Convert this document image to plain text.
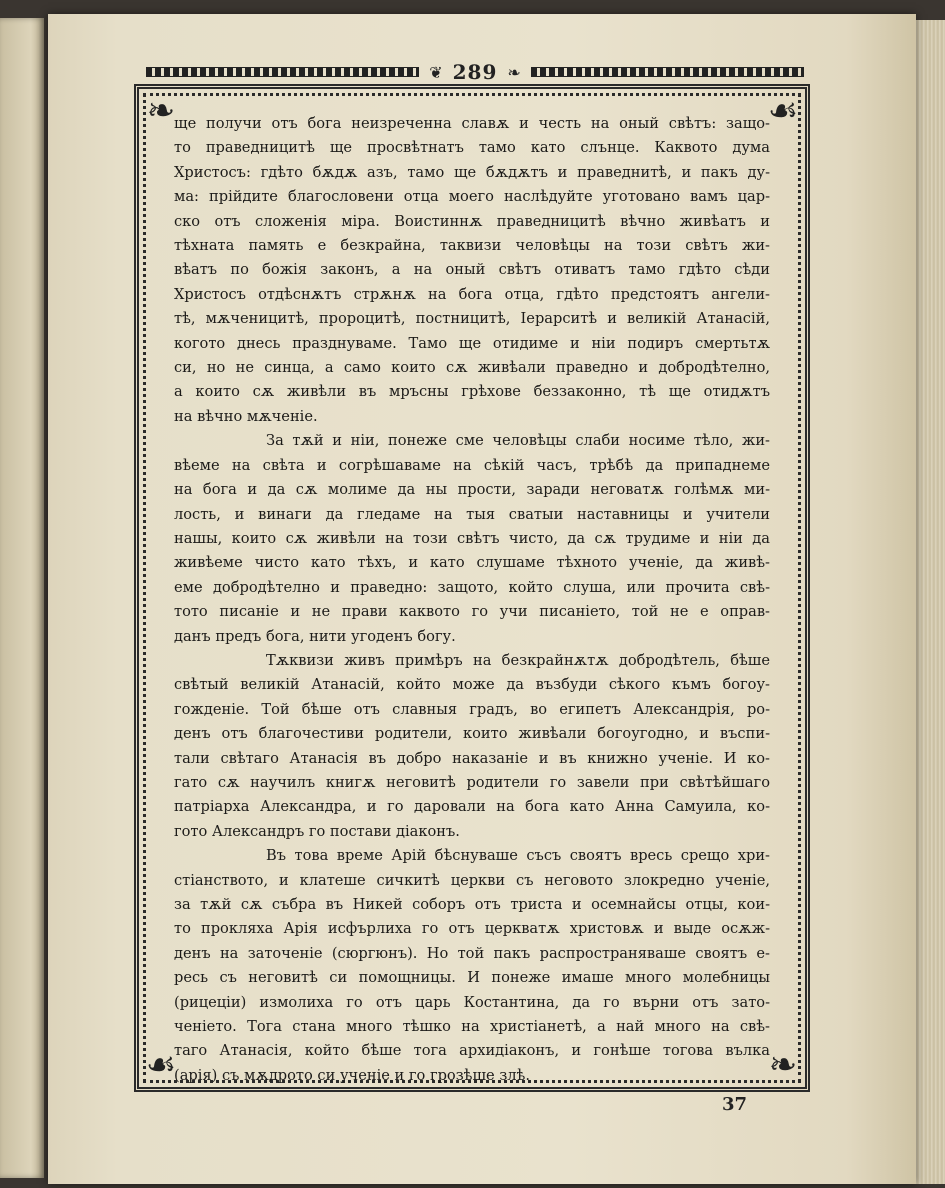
❦ 289 ❧
❧	☙
☙	❧
ще получи отъ бога неизреченна славѫ и честь на оный свѣтъ: защо-
то праведницитѣ ще просвѣтнатъ тамо като слънце. Каквото дума
Христосъ: гдѣто бѫдѫ азъ, тамо ще бѫдѫтъ и праведнитѣ, и пакъ ду-
ма: прійдите благословени отца моего наслѣдуйте уготовано вамъ цар-
ско отъ сложенія міра. Воистиннѫ праведницитѣ вѣчно живѣатъ и
тѣхната память е безкрайна, таквизи человѣцы на този свѣтъ жи-
вѣатъ по божія законъ, а на оный свѣтъ отиватъ тамо гдѣто сѣди
Христосъ отдѣснѫтъ стрѫнѫ на бога отца, гдѣто предстоятъ ангели-
тѣ, мѫченицитѣ, пророцитѣ, постницитѣ, Іерарситѣ и великій Атанасій,
когото днесь празднуваме. Тамо ще отидиме и ніи подиръ смертьтѫ
си, но не синца, а само които сѫ живѣали праведно и добродѣтелно,
а които сѫ живѣли въ мръсны грѣхове беззаконно, тѣ ще отидѫтъ
на вѣчно мѫченіе.
За тѫй и ніи, понеже сме человѣцы слаби носиме тѣло, жи-
вѣеме на свѣта и согрѣшаваме на сѣкій часъ, трѣбѣ да припаднеме
на бога и да сѫ молиме да ны прости, заради неговатѫ голѣмѫ ми-
лость, и винаги да гледаме на тыя сватыи наставницы и учители
нашы, които сѫ живѣли на този свѣтъ чисто, да сѫ трудиме и ніи да
живѣеме чисто като тѣхъ, и като слушаме тѣхното ученіе, да живѣ-
еме добродѣтелно и праведно: защото, който слуша, или прочита свѣ-
тото писаніе и не прави каквото го учи писаніето, той не е оправ-
данъ предъ бога, нити угоденъ богу.
Тѫквизи живъ примѣръ на безкрайнѫтѫ добродѣтель, бѣше
свѣтый великій Атанасій, който може да възбуди сѣкого къмъ богоу-
гожденіе. Той бѣше отъ славныя градъ, во египетъ Александрія, ро-
денъ отъ благочестиви родители, които живѣали богоугодно, и въспи-
тали свѣтаго Атанасія въ добро наказаніе и въ книжно ученіе. И ко-
гато сѫ научилъ книгѫ неговитѣ родители го завели при свѣтѣйшаго
патріарха Александра, и го даровали на бога като Анна Самуила, ко-
гото Александръ го постави діаконъ.
Въ това време Арій бѣснуваше съсъ своятъ вресь срещо хри-
стіанството, и клатеше сичкитѣ церкви съ неговото злокредно ученіе,
за тѫй сѫ събра въ Никей соборъ отъ триста и осемнайсы отцы, кои-
то прокляха Арія исфърлиха го отъ церкватѫ христовѫ и выде осѫж-
денъ на заточеніе (сюргюнъ). Но той пакъ распространяваше своятъ е-
ресь съ неговитѣ си помощницы. И понеже имаше много молебницы
(рицеціи) измолиха го отъ царь Костантина, да го върни отъ зато-
ченіето. Тога стана много тѣшко на христіанетѣ, а най много на свѣ-
таго Атанасія, който бѣше тога архидіаконъ, и гонѣше тогова вълка
(арія) съ мѫдрото си ученіе и го грозѣше злѣ.
37
